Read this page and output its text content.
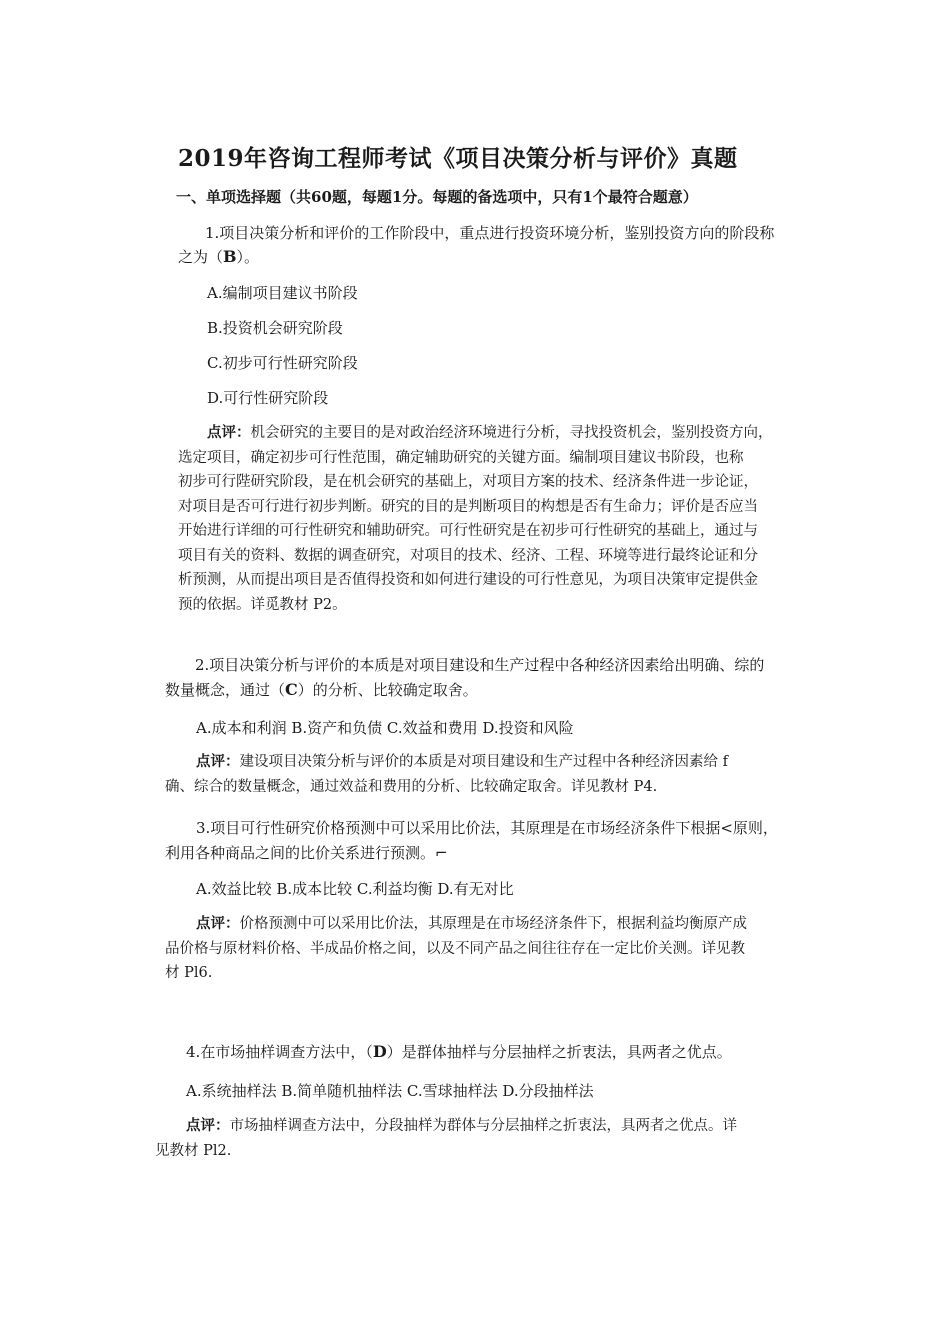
2019年咨询工程师考试《项目决策分析与评价》真题
一、单项选择题（共60题，每题1分。每题的备选项中，只有1个最符合题意）
1.项目决策分析和评价的工作阶段中，重点进行投资环境分析，鉴别投资方向的阶段称
之为（B）。
A.编制项目建议书阶段
B.投资机会研究阶段
C.初步可行性研究阶段
D.可行性研究阶段
点评：机会研究的主要目的是对政治经济环境进行分析，寻找投资机会，鉴别投资方向，
选定项目，确定初步可行性范围，确定辅助研究的关键方面。编制项目建议书阶段，也称
初步可行陛研究阶段，是在机会研究的基础上，对项目方案的技术、经济条件进一步论证，
对项目是否可行进行初步判断。研究的目的是判断项目的构想是否有生命力；评价是否应当
开始进行详细的可行性研究和辅助研究。可行性研究是在初步可行性研究的基础上，通过与
项目有关的资料、数据的调查研究，对项目的技术、经济、工程、环境等进行最终论证和分
析预测，从而提出项目是否值得投资和如何进行建设的可行性意见，为项目决策审定提供金
预的依据。详觅教材 P2。
2.项目决策分析与评价的本质是对项目建设和生产过程中各种经济因素给出明确、综的
数量概念，通过（C）的分析、比较确定取舍。
A.成本和利润 B.资产和负债 C.效益和费用 D.投资和风险
点评：建设项目决策分析与评价的本质是对项目建设和生产过程中各种经济因素给 f
确、综合的数量概念，通过效益和费用的分析、比较确定取舍。详见教材 P4.
3.项目可行性研究价格预测中可以采用比价法，其原理是在市场经济条件下根据<原则，
利用各种商品之间的比价关系进行预测。⌐
A.效益比较 B.成本比较 C.利益均衡 D.有无对比
点评：价格预测中可以采用比价法，其原理是在市场经济条件下，根据利益均衡原产成
品价格与原材料价格、半成品价格之间，以及不同产品之间往往存在一定比价关测。详见教
材 Pl6.
4.在市场抽样调查方法中，（D）是群体抽样与分层抽样之折衷法，具两者之优点。
A.系统抽样法 B.简单随机抽样法 C.雪球抽样法 D.分段抽样法
点评：市场抽样调查方法中，分段抽样为群体与分层抽样之折衷法，具两者之优点。详
见教材 Pl2.
